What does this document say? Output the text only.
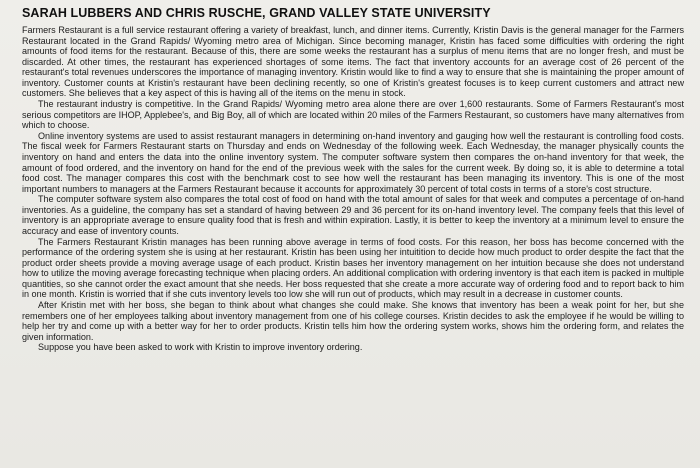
SARAH LUBBERS AND CHRIS RUSCHE, GRAND VALLEY STATE UNIVERSITY

Farmers Restaurant is a full service restaurant offering a variety of breakfast, lunch, and dinner items. Currently, Kristin Davis is the general manager for the Farmers Restaurant located in the Grand Rapids/ Wyoming metro area of Michigan. Since becoming manager, Kristin has faced some difficulties with ordering the right amounts of food items for the restaurant. Because of this, there are some weeks the restaurant has a surplus of menu items that are no longer fresh, and must be discarded. At other times, the restaurant has experienced shortages of some items. The fact that inventory accounts for an average cost of 26 percent of the restaurant's total revenues underscores the importance of managing inventory. Kristin would like to find a way to ensure that she is maintaining the proper amount of inventory. Customer counts at Kristin's restaurant have been declining recently, so one of Kristin's greatest focuses is to keep current customers and attract new customers. She believes that a key aspect of this is having all of the items on the menu in stock.

The restaurant industry is competitive. In the Grand Rapids/ Wyoming metro area alone there are over 1,600 restaurants. Some of Farmers Restaurant's most serious competitors are IHOP, Applebee's, and Big Boy, all of which are located within 20 miles of the Farmers Restaurant, so customers have many alternatives from which to choose.

Online inventory systems are used to assist restaurant managers in determining on-hand inventory and gauging how well the restaurant is controlling food costs. The fiscal week for Farmers Restaurant starts on Thursday and ends on Wednesday of the following week. Each Wednesday, the manager physically counts the inventory on hand and enters the data into the online inventory system. The computer software system then compares the on-hand inventory for that week, the amount of food ordered, and the inventory on hand for the end of the previous week with the sales for the current week. By doing so, it is able to determine a total food cost. The manager compares this cost with the benchmark cost to see how well the restaurant has been managing its inventory. This is one of the most important numbers to managers at the Farmers Restaurant because it accounts for approximately 30 percent of total costs in terms of a store's cost structure.

The computer software system also compares the total cost of food on hand with the total amount of sales for that week and computes a percentage of on-hand inventories. As a guideline, the company has set a standard of having between 29 and 36 percent for its on-hand inventory level. The company feels that this level of inventory is an appropriate average to ensure quality food that is fresh and within expiration. Lastly, it is better to keep the inventory at a minimum level to ensure the accuracy and ease of inventory counts.

The Farmers Restaurant Kristin manages has been running above average in terms of food costs. For this reason, her boss has become concerned with the performance of the ordering system she is using at her restaurant. Kristin has been using her intuitition to decide how much product to order despite the fact that the product order sheets provide a moving average usage of each product. Kristin bases her inventory management on her intuition because she does not understand how to utilize the moving average forecasting technique when placing orders. An additional complication with ordering inventory is that each item is packed in multiple quantities, so she cannot order the exact amount that she needs. Her boss requested that she create a more accurate way of ordering food and to report back to him in one month. Kristin is worried that if she cuts inventory levels too low she will run out of products, which may result in a decrease in customer counts.

After Kristin met with her boss, she began to think about what changes she could make. She knows that inventory has been a weak point for her, but she remembers one of her employees talking about inventory management from one of his college courses. Kristin decides to ask the employee if he would be willing to help her try and come up with a better way for her to order products. Kristin tells him how the ordering system works, shows him the ordering form, and relates the given information.

Suppose you have been asked to work with Kristin to improve inventory ordering.
